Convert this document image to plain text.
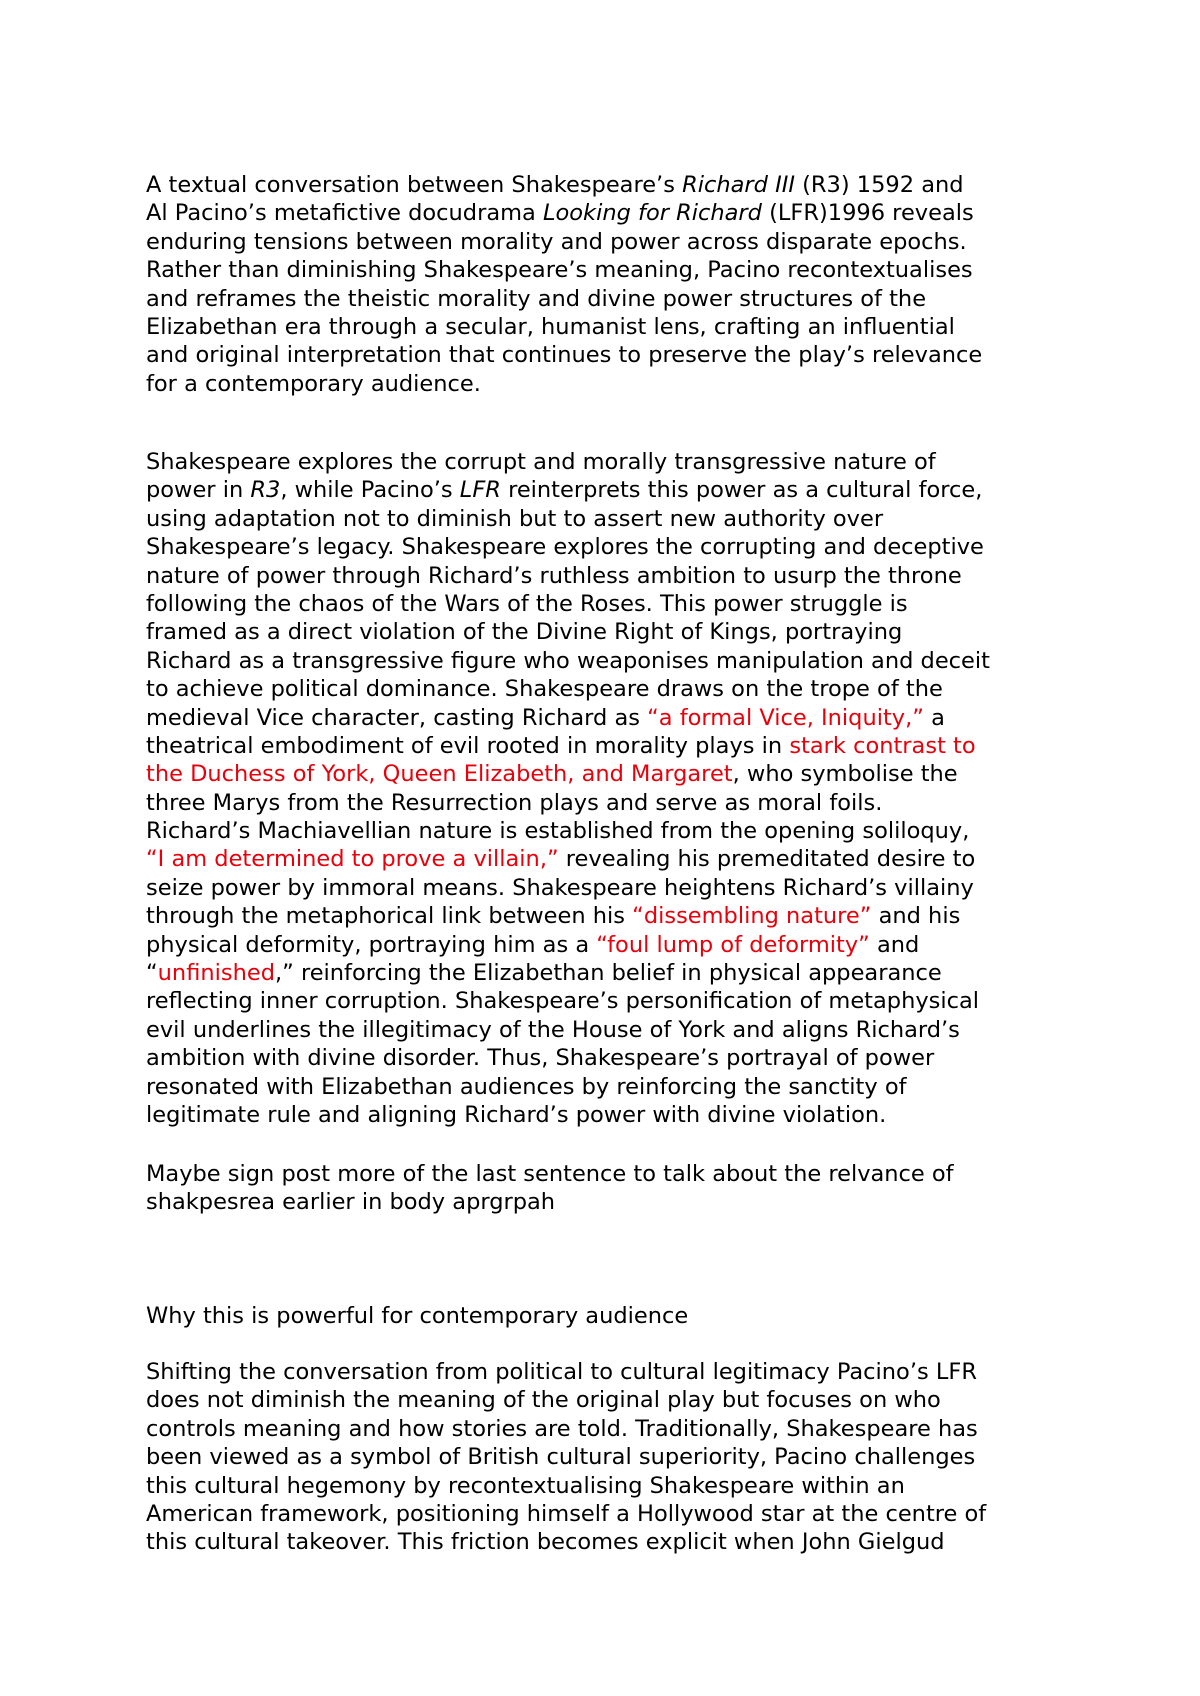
A textual conversation between Shakespeare’s Richard III (R3) 1592 and
Al Pacino’s metafictive docudrama Looking for Richard (LFR)1996 reveals
enduring tensions between morality and power across disparate epochs.
Rather than diminishing Shakespeare’s meaning, Pacino recontextualises
and reframes the theistic morality and divine power structures of the
Elizabethan era through a secular, humanist lens, crafting an influential
and original interpretation that continues to preserve the play’s relevance
for a contemporary audience.
Shakespeare explores the corrupt and morally transgressive nature of
power in R3, while Pacino’s LFR reinterprets this power as a cultural force,
using adaptation not to diminish but to assert new authority over
Shakespeare’s legacy. Shakespeare explores the corrupting and deceptive
nature of power through Richard’s ruthless ambition to usurp the throne
following the chaos of the Wars of the Roses. This power struggle is
framed as a direct violation of the Divine Right of Kings, portraying
Richard as a transgressive figure who weaponises manipulation and deceit
to achieve political dominance. Shakespeare draws on the trope of the
medieval Vice character, casting Richard as “a formal Vice, Iniquity,” a
theatrical embodiment of evil rooted in morality plays in stark contrast to
the Duchess of York, Queen Elizabeth, and Margaret, who symbolise the
three Marys from the Resurrection plays and serve as moral foils.
Richard’s Machiavellian nature is established from the opening soliloquy,
“I am determined to prove a villain,” revealing his premeditated desire to
seize power by immoral means. Shakespeare heightens Richard’s villainy
through the metaphorical link between his “dissembling nature” and his
physical deformity, portraying him as a “foul lump of deformity” and
“unfinished,” reinforcing the Elizabethan belief in physical appearance
reflecting inner corruption. Shakespeare’s personification of metaphysical
evil underlines the illegitimacy of the House of York and aligns Richard’s
ambition with divine disorder. Thus, Shakespeare’s portrayal of power
resonated with Elizabethan audiences by reinforcing the sanctity of
legitimate rule and aligning Richard’s power with divine violation.
Maybe sign post more of the last sentence to talk about the relvance of
shakpesrea earlier in body aprgrpah
Why this is powerful for contemporary audience
Shifting the conversation from political to cultural legitimacy Pacino’s LFR
does not diminish the meaning of the original play but focuses on who
controls meaning and how stories are told. Traditionally, Shakespeare has
been viewed as a symbol of British cultural superiority, Pacino challenges
this cultural hegemony by recontextualising Shakespeare within an
American framework, positioning himself a Hollywood star at the centre of
this cultural takeover. This friction becomes explicit when John Gielgud
